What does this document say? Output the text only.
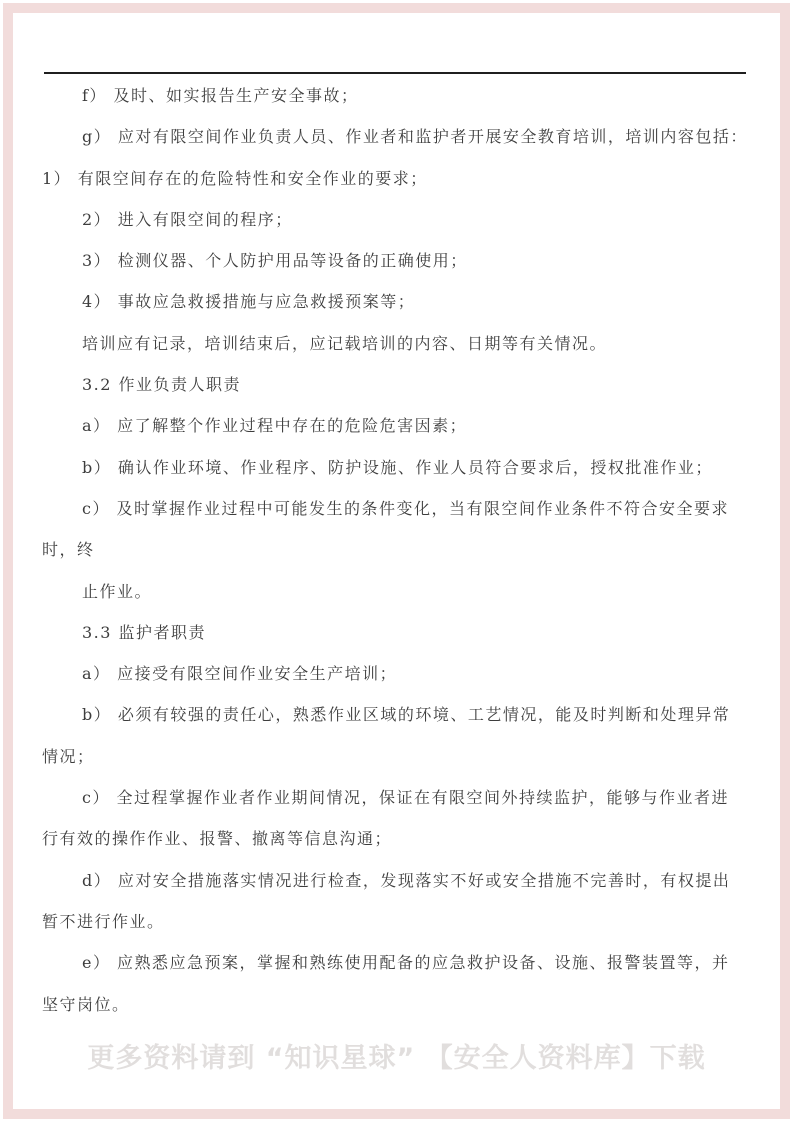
f） 及时、如实报告生产安全事故；
g） 应对有限空间作业负责人员、作业者和监护者开展安全教育培训，培训内容包括：
1） 有限空间存在的危险特性和安全作业的要求；
2） 进入有限空间的程序；
3） 检测仪器、个人防护用品等设备的正确使用；
4） 事故应急救援措施与应急救援预案等；
培训应有记录，培训结束后，应记载培训的内容、日期等有关情况。
3.2 作业负责人职责
a） 应了解整个作业过程中存在的危险危害因素；
b） 确认作业环境、作业程序、防护设施、作业人员符合要求后，授权批准作业；
c） 及时掌握作业过程中可能发生的条件变化，当有限空间作业条件不符合安全要求
时，终
止作业。
3.3 监护者职责
a） 应接受有限空间作业安全生产培训；
b） 必须有较强的责任心，熟悉作业区域的环境、工艺情况，能及时判断和处理异常
情况；
c） 全过程掌握作业者作业期间情况，保证在有限空间外持续监护，能够与作业者进
行有效的操作作业、报警、撤离等信息沟通；
d） 应对安全措施落实情况进行检查，发现落实不好或安全措施不完善时，有权提出
暂不进行作业。
e） 应熟悉应急预案，掌握和熟练使用配备的应急救护设备、设施、报警装置等，并
坚守岗位。
更多资料请到 “知识星球” 【安全人资料库】下载
